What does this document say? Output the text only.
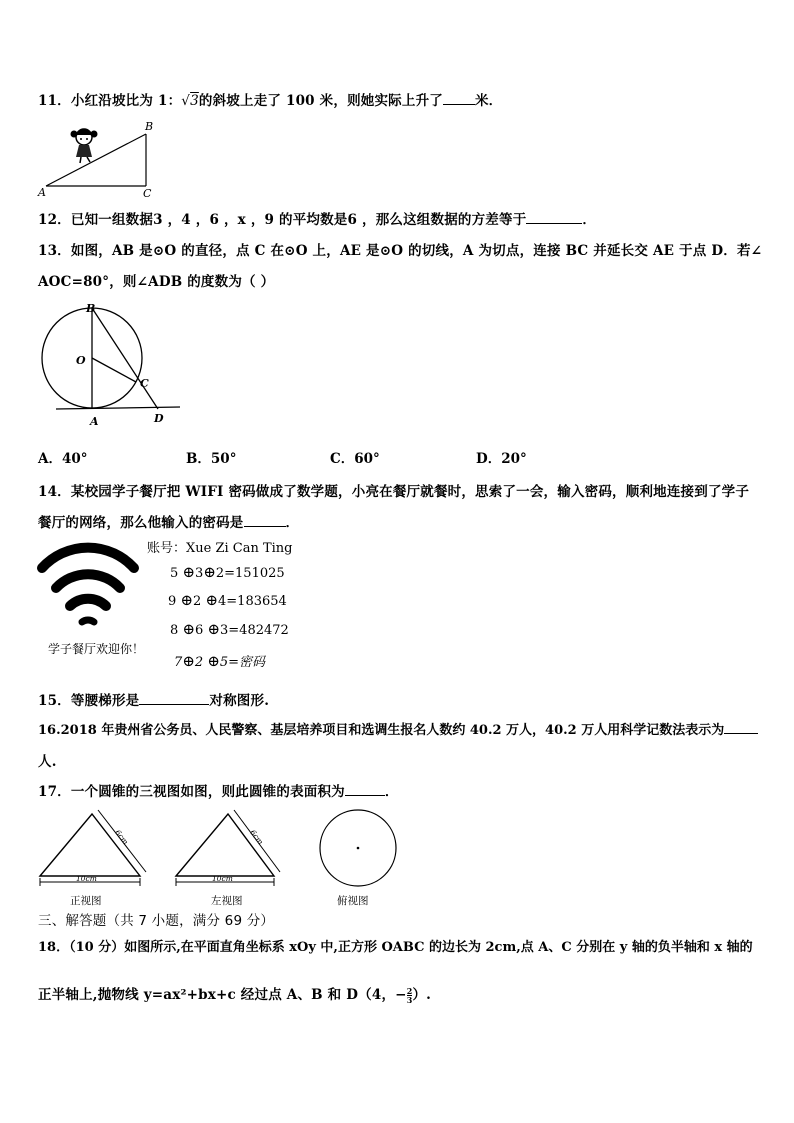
11．小红沿坡比为 1：√3的斜坡上走了 100 米，则她实际上升了 米．
B
A	C
12．已知一组数据3 ，4 ，6 ，x ，9 的平均数是6 ，那么这组数据的方差等于	．
13．如图，AB 是⊙O 的直径，点 C 在⊙O 上，AE 是⊙O 的切线，A 为切点，连接 BC 并延长交 AE 于点 D．若∠
AOC=80°，则∠ADB 的度数为（ ）
B
O
C
A	D
A．40°	B．50°	C．60°	D．20°
14．某校园学子餐厅把 WIFI 密码做成了数学题，小亮在餐厅就餐时，思索了一会，输入密码，顺利地连接到了学子
餐厅的网络，那么他输入的密码是	．
账号：Xue Zi Can Ting
学子餐厅欢迎你！
5 ⊕3⊕2=151025
9 ⊕2 ⊕4=183654
8 ⊕6 ⊕3=482472
7⊕2 ⊕5=密码
15．等腰梯形是	对称图形.
16.2018 年贵州省公务员、人民警察、基层培养项目和选调生报名人数约 40.2 万人，40.2 万人用科学记数法表示为
人.
17．一个圆锥的三视图如图，则此圆锥的表面积为	．
10cm
6cm
10cm
6cm
正视图	左视图	俯视图
三、解答题（共 7 小题，满分 69 分）
18．（10 分）如图所示,在平面直角坐标系 xOy 中,正方形 OABC 的边长为 2cm,点 A、C 分别在 y 轴的负半轴和 x 轴的
正半轴上,抛物线 y=ax²+bx+c 经过点 A、B 和 D（4，− $\frac{2}{3}$ ）.
